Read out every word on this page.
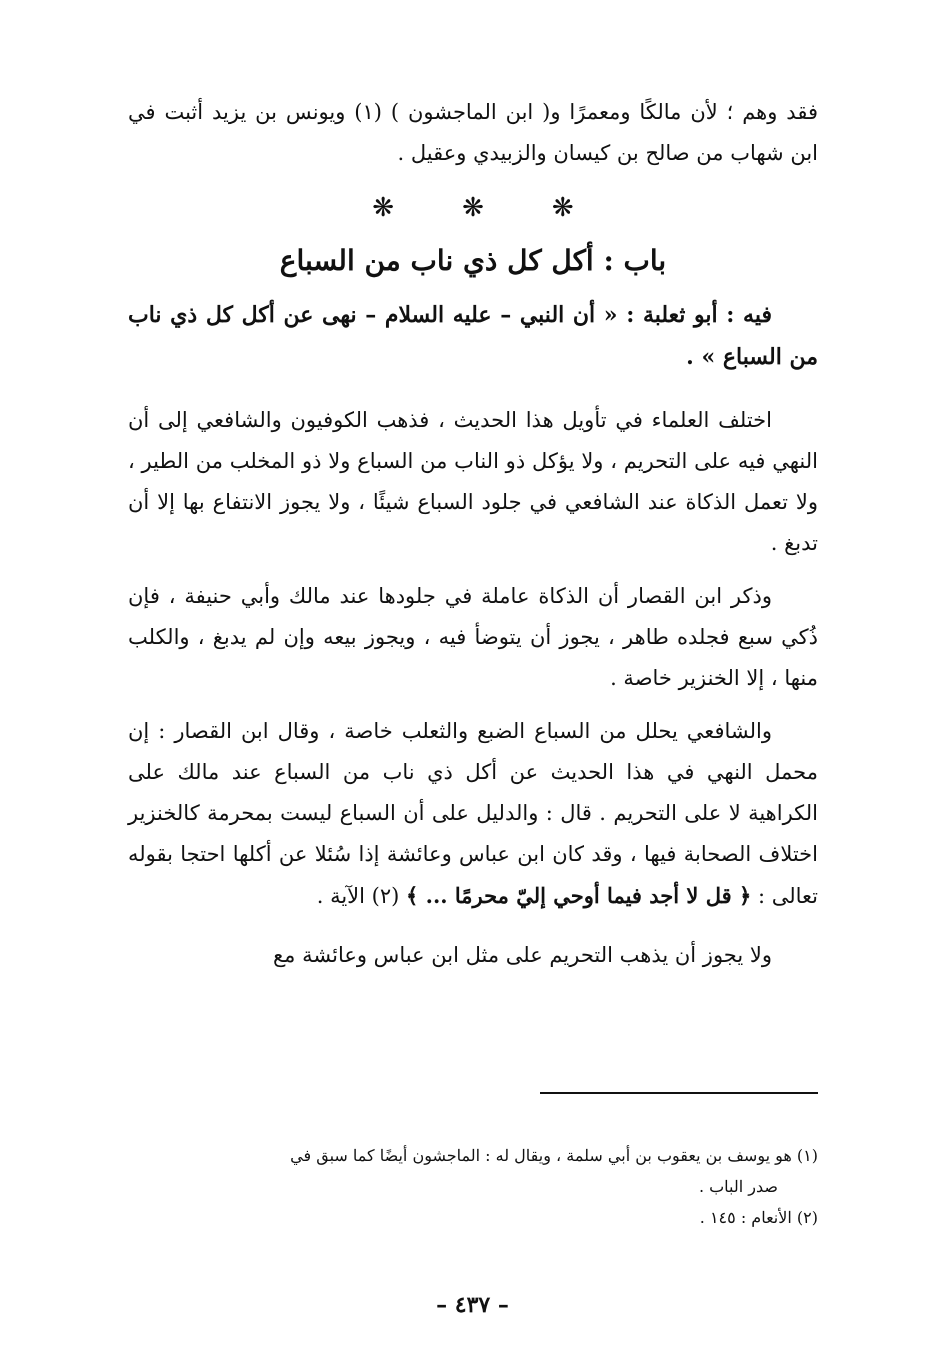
فقد وهم ؛ لأن مالكًا ومعمرًا و( ابن الماجشون ) (١) ويونس بن يزيد أثبت في ابن شهاب من صالح بن كيسان والزبيدي وعقيل .

❋	❋	❋
باب : أكل كل ذي ناب من السباع

فيه : أبو ثعلبة : « أن النبي – عليه السلام – نهى عن أكل كل ذي ناب من السباع » .

اختلف العلماء في تأويل هذا الحديث ، فذهب الكوفيون والشافعي إلى أن النهي فيه على التحريم ، ولا يؤكل ذو الناب من السباع ولا ذو المخلب من الطير ، ولا تعمل الذكاة عند الشافعي في جلود السباع شيئًا ، ولا يجوز الانتفاع بها إلا أن تدبغ .

وذكر ابن القصار أن الذكاة عاملة في جلودها عند مالك وأبي حنيفة ، فإن ذُكي سبع فجلده طاهر ، يجوز أن يتوضأ فيه ، ويجوز بيعه وإن لم يدبغ ، والكلب منها ، إلا الخنزير خاصة .

والشافعي يحلل من السباع الضبع والثعلب خاصة ، وقال ابن القصار : إن محمل النهي في هذا الحديث عن أكل ذي ناب من السباع عند مالك على الكراهية لا على التحريم . قال : والدليل على أن السباع ليست بمحرمة كالخنزير اختلاف الصحابة فيها ، وقد كان ابن عباس وعائشة إذا سُئلا عن أكلها احتجا بقوله تعالى : ﴿ قل لا أجد فيما أوحي إليّ محرمًا ... ﴾ (٢) الآية .

ولا يجوز أن يذهب التحريم على مثل ابن عباس وعائشة مع

(١) هو يوسف بن يعقوب بن أبي سلمة ، ويقال له : الماجشون أيضًا كما سبق في

صدر الباب .

(٢) الأنعام : ١٤٥ .

– ٤٣٧ –
